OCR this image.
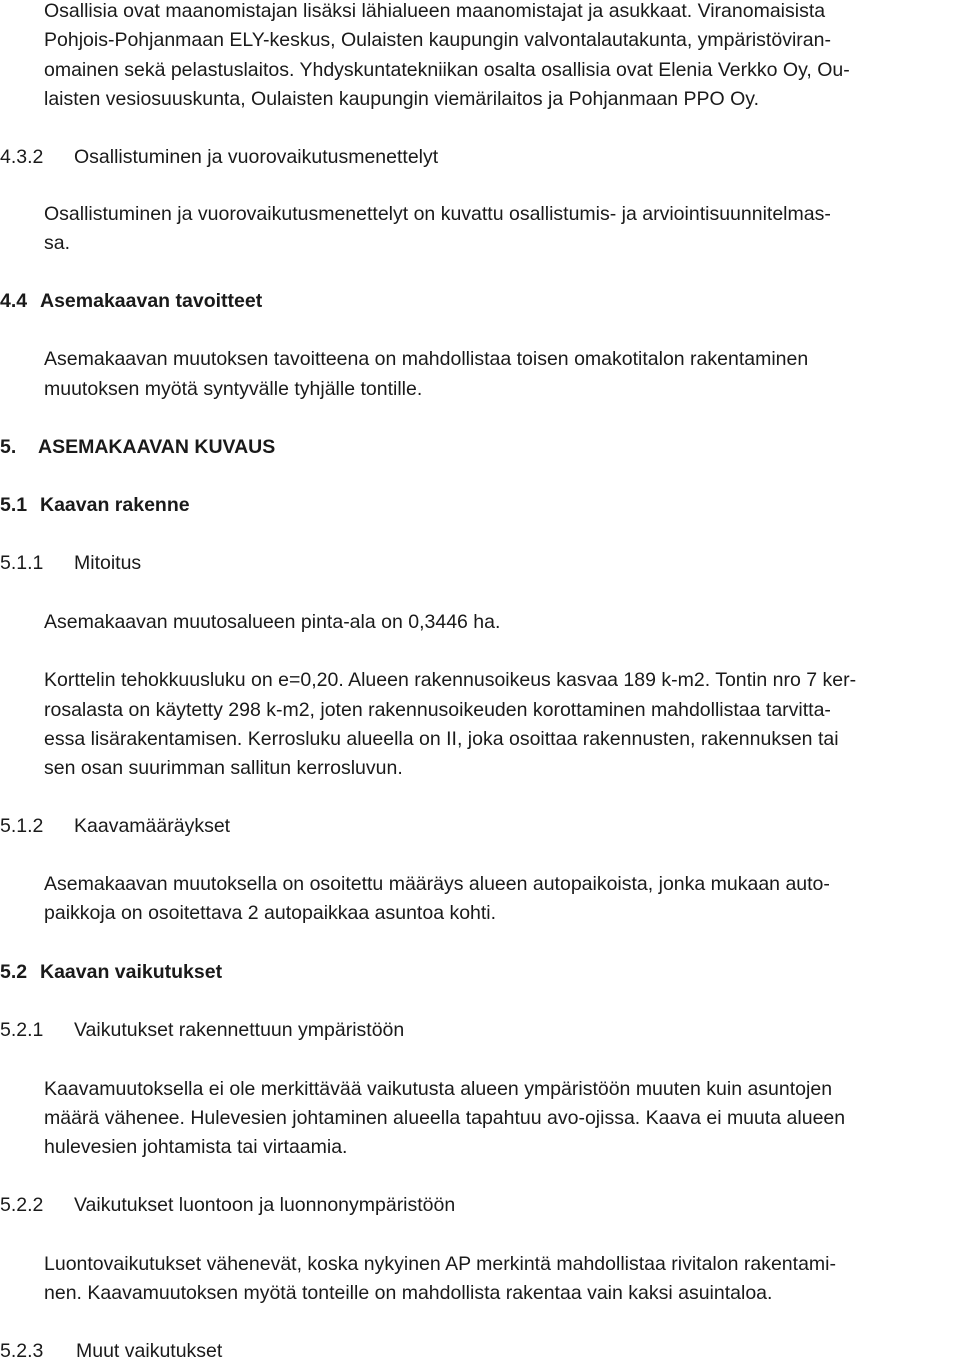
Osallisia ovat maanomistajan lisäksi lähialueen maanomistajat ja asukkaat. Viranomaisista
Pohjois-Pohjanmaan ELY-keskus, Oulaisten kaupungin valvontalautakunta, ympäristöviran-
omainen sekä pelastuslaitos. Yhdyskuntatekniikan osalta osallisia ovat Elenia Verkko Oy, Ou-
laisten vesiosuuskunta, Oulaisten kaupungin viemärilaitos ja Pohjanmaan PPO Oy.
4.3.2 Osallistuminen ja vuorovaikutusmenettelyt
Osallistuminen ja vuorovaikutusmenettelyt on kuvattu osallistumis- ja arviointisuunnitelmas-
sa.
4.4 Asemakaavan tavoitteet
Asemakaavan muutoksen tavoitteena on mahdollistaa toisen omakotitalon rakentaminen
muutoksen myötä syntyvälle tyhjälle tontille.
5. ASEMAKAAVAN KUVAUS
5.1 Kaavan rakenne
5.1.1 Mitoitus
Asemakaavan muutosalueen pinta-ala on 0,3446 ha.
Korttelin tehokkuusluku on e=0,20. Alueen rakennusoikeus kasvaa 189 k-m2. Tontin nro 7 ker-
rosalasta on käytetty 298 k-m2, joten rakennusoikeuden korottaminen mahdollistaa tarvitta-
essa lisärakentamisen. Kerrosluku alueella on II, joka osoittaa rakennusten, rakennuksen tai
sen osan suurimman sallitun kerrosluvun.
5.1.2 Kaavamääräykset
Asemakaavan muutoksella on osoitettu määräys alueen autopaikoista, jonka mukaan auto-
paikkoja on osoitettava 2 autopaikkaa asuntoa kohti.
5.2 Kaavan vaikutukset
5.2.1 Vaikutukset rakennettuun ympäristöön
Kaavamuutoksella ei ole merkittävää vaikutusta alueen ympäristöön muuten kuin asuntojen
määrä vähenee. Hulevesien johtaminen alueella tapahtuu avo-ojissa. Kaava ei muuta alueen
hulevesien johtamista tai virtaamia.
5.2.2 Vaikutukset luontoon ja luonnonympäristöön
Luontovaikutukset vähenevät, koska nykyinen AP merkintä mahdollistaa rivitalon rakentami-
nen. Kaavamuutoksen myötä tonteille on mahdollista rakentaa vain kaksi asuintaloa.
5.2.3 Muut vaikutukset
